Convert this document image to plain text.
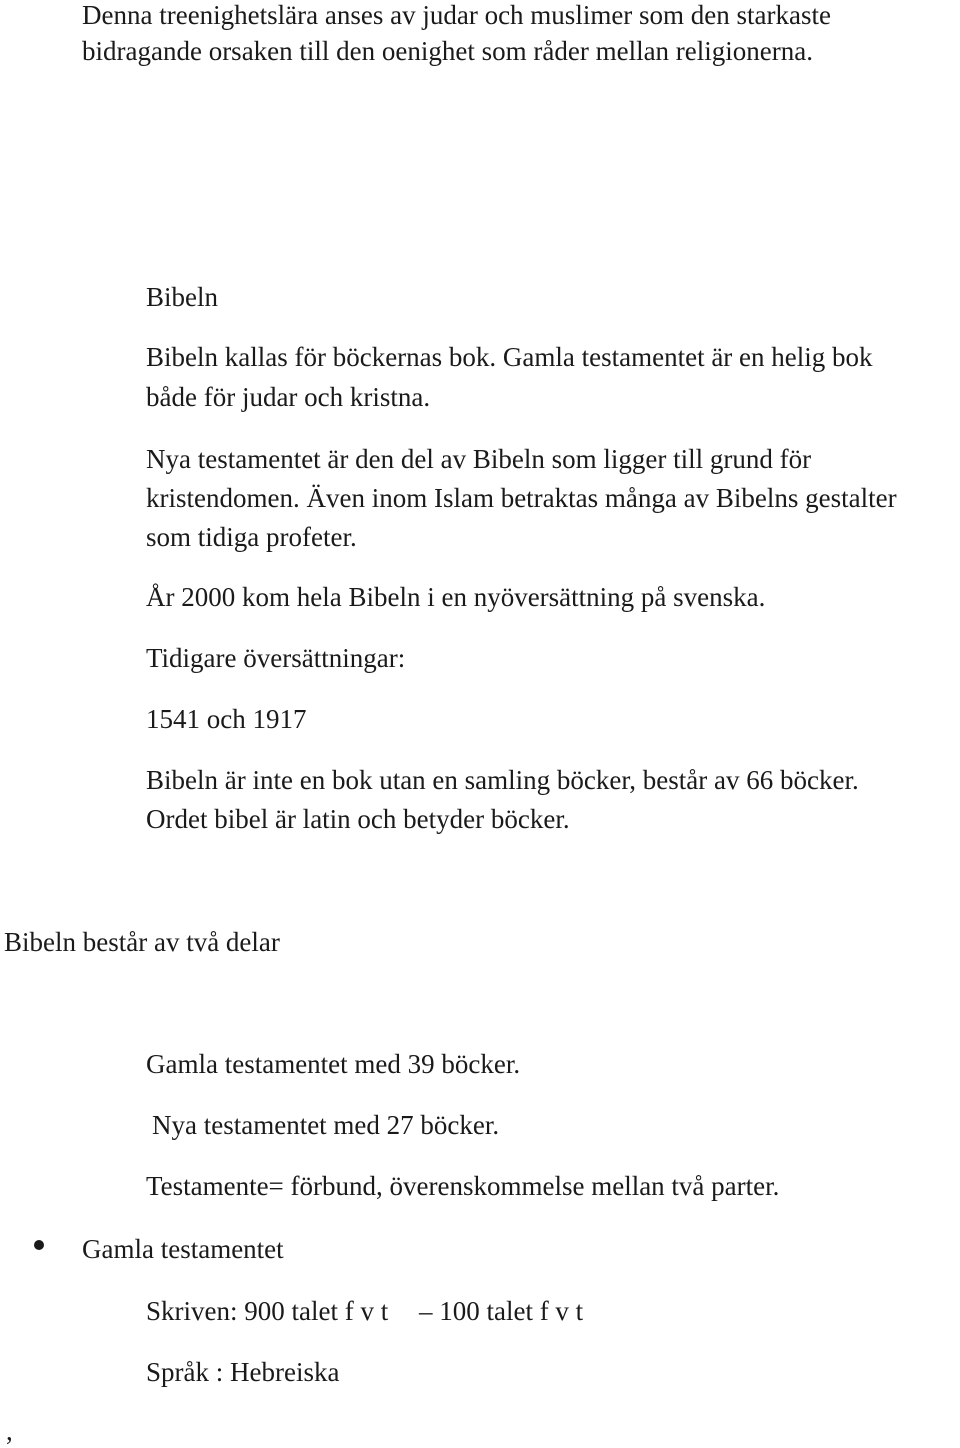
Denna treenighetslära anses av judar och muslimer som den starkaste

bidragande orsaken till den oenighet som råder mellan religionerna.

Bibeln

Bibeln kallas för böckernas bok. Gamla testamentet är en helig bok

både för judar och kristna.

Nya testamentet är den del av Bibeln som ligger till grund för

kristendomen. Även inom Islam betraktas många av Bibelns gestalter

som tidiga profeter.

År 2000 kom hela Bibeln i en nyöversättning på svenska.

Tidigare översättningar:

1541 och 1917

Bibeln är inte en bok utan en samling böcker, består av 66 böcker.

Ordet bibel är latin och betyder böcker.

Bibeln består av två delar

Gamla testamentet med 39 böcker.

Nya testamentet med 27 böcker.

Testamente= förbund, överenskommelse mellan två parter.

Gamla testamentet

Skriven: 900 talet f v t – 100 talet f v t

Språk : Hebreiska

,
